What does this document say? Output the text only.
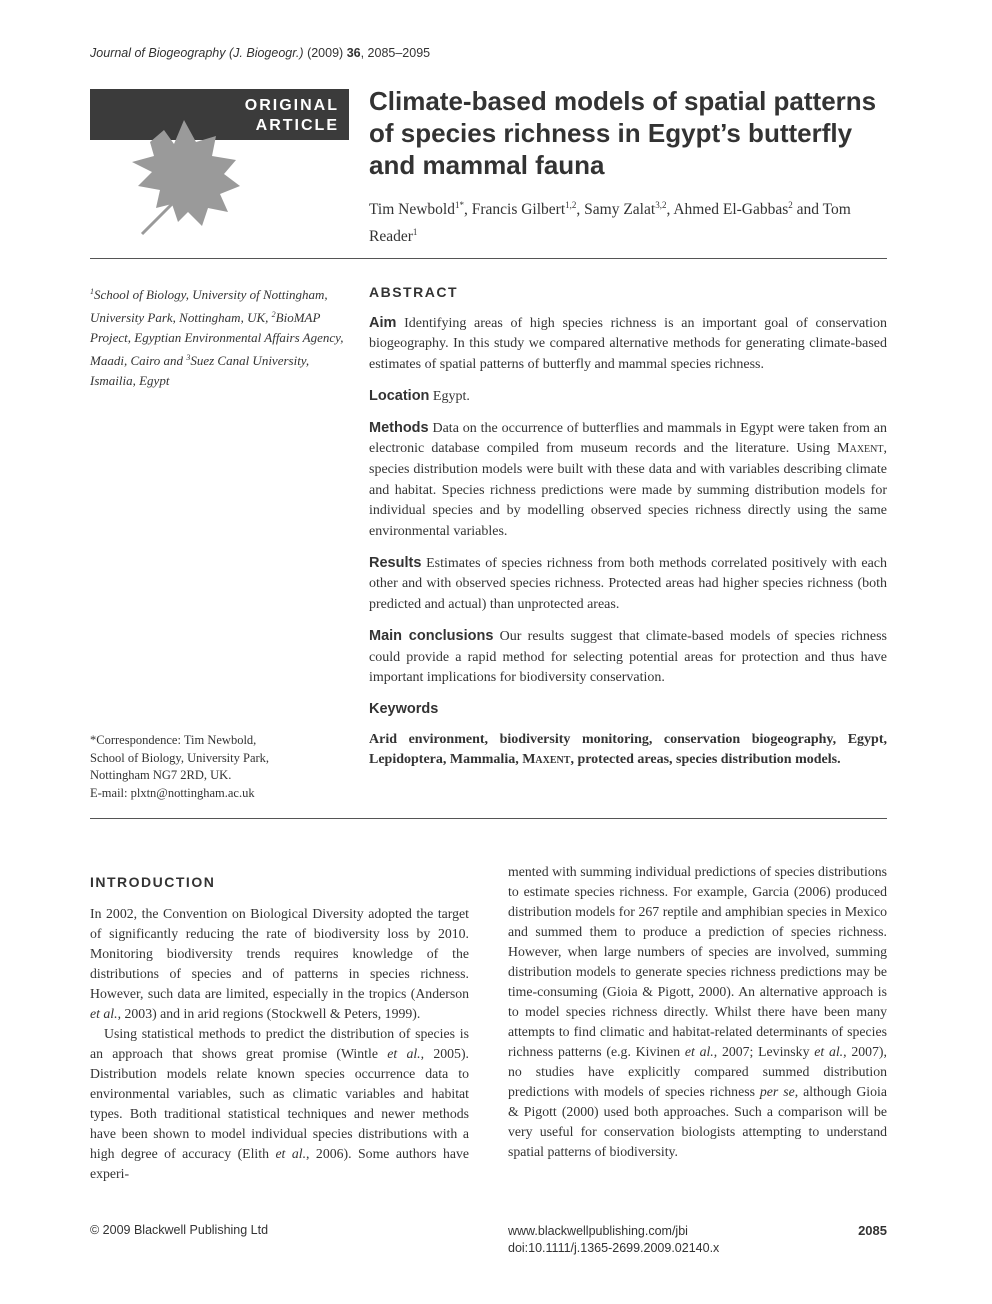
Journal of Biogeography (J. Biogeogr.) (2009) 36, 2085–2095
ORIGINAL
ARTICLE
Climate-based models of spatial patterns of species richness in Egypt’s butterfly and mammal fauna
Tim Newbold$^{1*}$, Francis Gilbert$^{1,2}$, Samy Zalat$^{3,2}$, Ahmed El-Gabbas$^2$ and Tom Reader$^1$
$^1$School of Biology, University of Nottingham, University Park, Nottingham, UK, $^2$BioMAP Project, Egyptian Environmental Affairs Agency, Maadi, Cairo and $^3$Suez Canal University, Ismailia, Egypt
*Correspondence: Tim Newbold,
School of Biology, University Park,
Nottingham NG7 2RD, UK.
E-mail: plxtn@nottingham.ac.uk
ABSTRACT

Aim Identifying areas of high species richness is an important goal of conservation biogeography. In this study we compared alternative methods for generating climate-based estimates of spatial patterns of butterfly and mammal species richness.

Location Egypt.

Methods Data on the occurrence of butterflies and mammals in Egypt were taken from an electronic database compiled from museum records and the literature. Using Maxent, species distribution models were built with these data and with variables describing climate and habitat. Species richness predictions were made by summing distribution models for individual species and by modelling observed species richness directly using the same environmental variables.

Results Estimates of species richness from both methods correlated positively with each other and with observed species richness. Protected areas had higher species richness (both predicted and actual) than unprotected areas.

Main conclusions Our results suggest that climate-based models of species richness could provide a rapid method for selecting potential areas for protection and thus have important implications for biodiversity conservation.

Keywords

Arid environment, biodiversity monitoring, conservation biogeography, Egypt, Lepidoptera, Mammalia, Maxent, protected areas, species distribution models.

INTRODUCTION

In 2002, the Convention on Biological Diversity adopted the target of significantly reducing the rate of biodiversity loss by 2010. Monitoring biodiversity trends requires knowledge of the distributions of species and of patterns in species richness. However, such data are limited, especially in the tropics (Anderson et al., 2003) and in arid regions (Stockwell & Peters, 1999).

Using statistical methods to predict the distribution of species is an approach that shows great promise (Wintle et al., 2005). Distribution models relate known species occurrence data to environmental variables, such as climatic variables and habitat types. Both traditional statistical techniques and newer methods have been shown to model individual species distributions with a high degree of accuracy (Elith et al., 2006). Some authors have experi-

mented with summing individual predictions of species distributions to estimate species richness. For example, Garcia (2006) produced distribution models for 267 reptile and amphibian species in Mexico and summed them to produce a prediction of species richness. However, when large numbers of species are involved, summing distribution models to generate species richness predictions may be time-consuming (Gioia & Pigott, 2000). An alternative approach is to model species richness directly. Whilst there have been many attempts to find climatic and habitat-related determinants of species richness patterns (e.g. Kivinen et al., 2007; Levinsky et al., 2007), no studies have explicitly compared summed distribution predictions with models of species richness per se, although Gioia & Pigott (2000) used both approaches. Such a comparison will be very useful for conservation biologists attempting to understand spatial patterns of biodiversity.

© 2009 Blackwell Publishing Ltd	www.blackwellpublishing.com/jbi
doi:10.1111/j.1365-2699.2009.02140.x
2085
